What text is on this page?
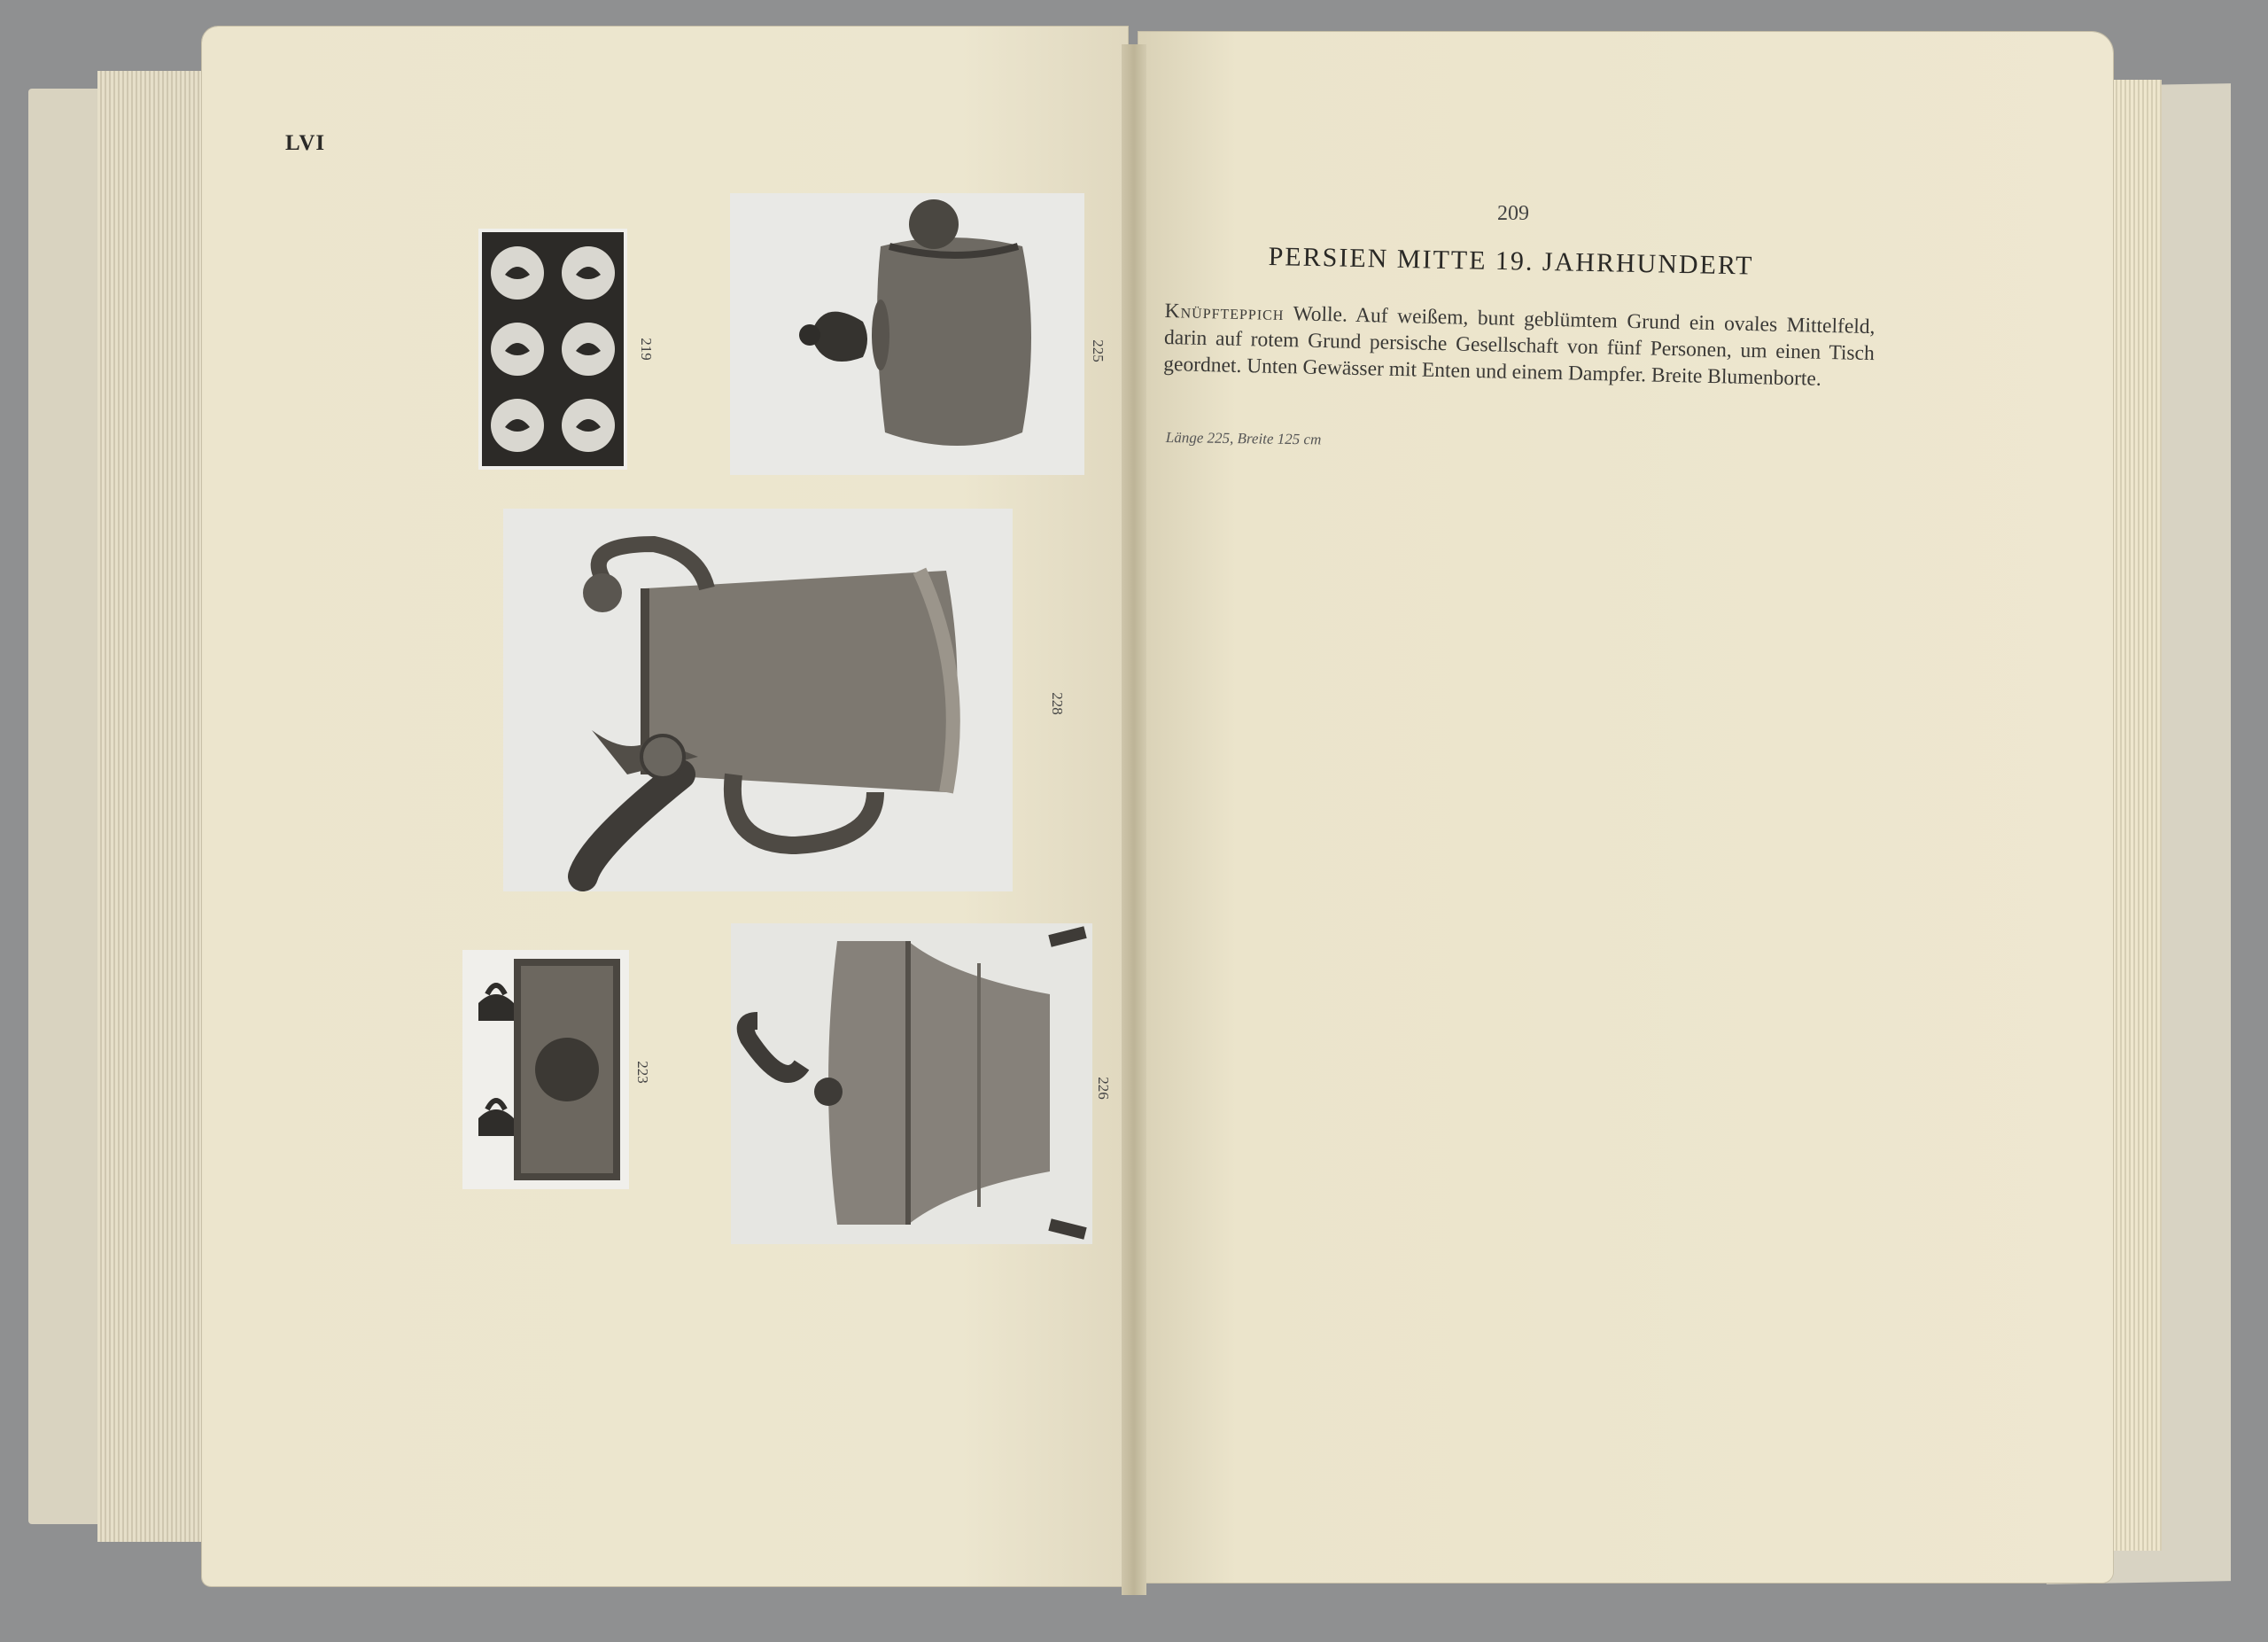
LVI
219	225
228
223
226
209
PERSIEN MITTE 19. JAHRHUNDERT
Knüpfteppich Wolle. Auf weißem, bunt geblümtem Grund ein ovales Mittelfeld, darin auf rotem Grund persische Gesellschaft von fünf Personen, um einen Tisch geordnet. Unten Gewässer mit Enten und einem Dampfer. Breite Blumenborte.
Länge 225, Breite 125 cm
